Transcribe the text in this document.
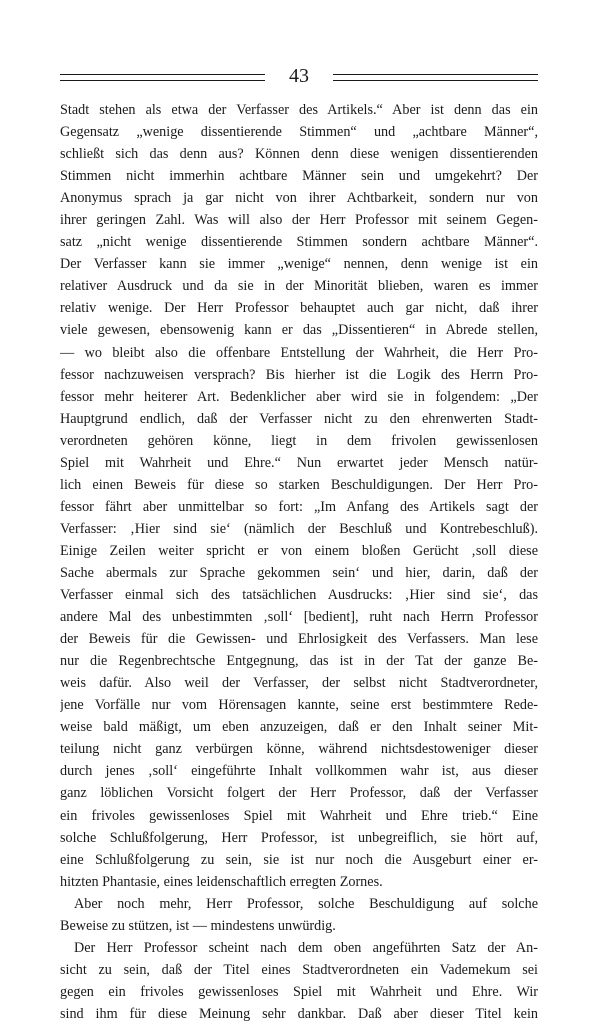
43
Stadt stehen als etwa der Verfasser des Artikels.“ Aber ist denn das ein
Gegensatz „wenige dissentierende Stimmen“ und „achtbare Männer“,
schließt sich das denn aus? Können denn diese wenigen dissentierenden
Stimmen nicht immerhin achtbare Männer sein und umgekehrt? Der
Anonymus sprach ja gar nicht von ihrer Achtbarkeit, sondern nur von
ihrer geringen Zahl. Was will also der Herr Professor mit seinem Gegen-
satz „nicht wenige dissentierende Stimmen sondern achtbare Männer“.
Der Verfasser kann sie immer „wenige“ nennen, denn wenige ist ein
relativer Ausdruck und da sie in der Minorität blieben, waren es immer
relativ wenige. Der Herr Professor behauptet auch gar nicht, daß ihrer
viele gewesen, ebensowenig kann er das „Dissentieren“ in Abrede stellen,
— wo bleibt also die offenbare Entstellung der Wahrheit, die Herr Pro-
fessor nachzuweisen versprach? Bis hierher ist die Logik des Herrn Pro-
fessor mehr heiterer Art. Bedenklicher aber wird sie in folgendem: „Der
Hauptgrund endlich, daß der Verfasser nicht zu den ehrenwerten Stadt-
verordneten gehören könne, liegt in dem frivolen gewissenlosen
Spiel mit Wahrheit und Ehre.“ Nun erwartet jeder Mensch natür-
lich einen Beweis für diese so starken Beschuldigungen. Der Herr Pro-
fessor fährt aber unmittelbar so fort: „Im Anfang des Artikels sagt der
Verfasser: ‚Hier sind sie‘ (nämlich der Beschluß und Kontrebeschluß).
Einige Zeilen weiter spricht er von einem bloßen Gerücht ‚soll diese
Sache abermals zur Sprache gekommen sein‘ und hier, darin, daß der
Verfasser einmal sich des tatsächlichen Ausdrucks: ‚Hier sind sie‘, das
andere Mal des unbestimmten ‚soll‘ [bedient], ruht nach Herrn Professor
der Beweis für die Gewissen- und Ehrlosigkeit des Verfassers. Man lese
nur die Regenbrechtsche Entgegnung, das ist in der Tat der ganze Be-
weis dafür. Also weil der Verfasser, der selbst nicht Stadtverordneter,
jene Vorfälle nur vom Hörensagen kannte, seine erst bestimmtere Rede-
weise bald mäßigt, um eben anzuzeigen, daß er den Inhalt seiner Mit-
teilung nicht ganz verbürgen könne, während nichtsdestoweniger dieser
durch jenes ‚soll‘ eingeführte Inhalt vollkommen wahr ist, aus dieser
ganz löblichen Vorsicht folgert der Herr Professor, daß der Verfasser
ein frivoles gewissenloses Spiel mit Wahrheit und Ehre trieb.“ Eine
solche Schlußfolgerung, Herr Professor, ist unbegreiflich, sie hört auf,
eine Schlußfolgerung zu sein, sie ist nur noch die Ausgeburt einer er-
hitzten Phantasie, eines leidenschaftlich erregten Zornes.
Aber noch mehr, Herr Professor, solche Beschuldigung auf solche
Beweise zu stützen, ist — mindestens unwürdig.
Der Herr Professor scheint nach dem oben angeführten Satz der An-
sicht zu sein, daß der Titel eines Stadtverordneten ein Vademekum sei
gegen ein frivoles gewissenloses Spiel mit Wahrheit und Ehre. Wir
sind ihm für diese Meinung sehr dankbar. Daß aber dieser Titel kein
